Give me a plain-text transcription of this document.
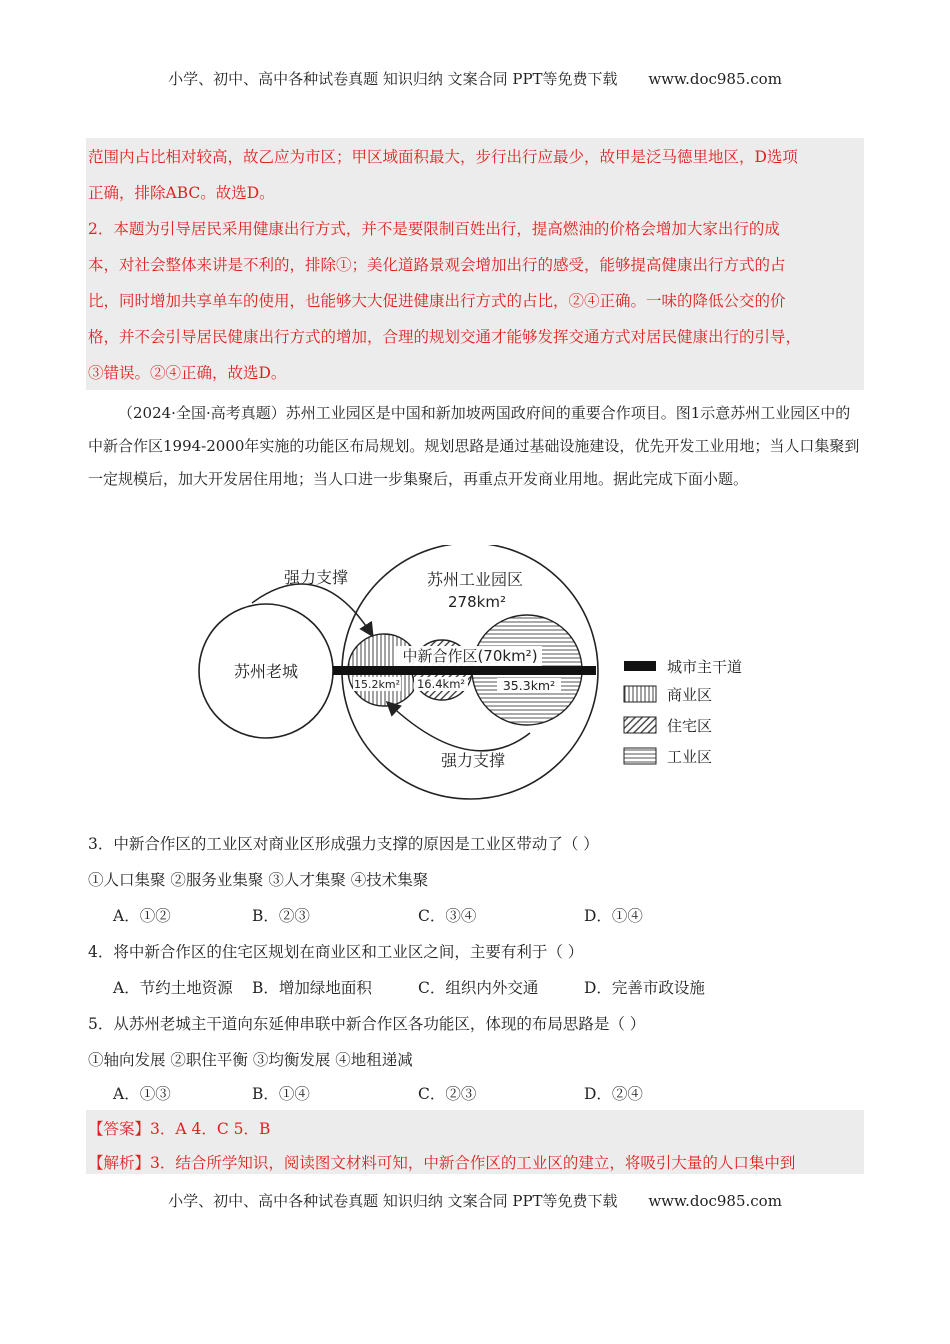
小学、初中、高中各种试卷真题 知识归纳 文案合同 PPT等免费下载 www.doc985.com
范围内占比相对较高，故乙应为市区；甲区域面积最大，步行出行应最少，故甲是泛马德里地区，D选项
正确，排除ABC。故选D。
2．本题为引导居民采用健康出行方式，并不是要限制百姓出行，提高燃油的价格会增加大家出行的成
本，对社会整体来讲是不利的，排除①；美化道路景观会增加出行的感受，能够提高健康出行方式的占
比，同时增加共享单车的使用，也能够大大促进健康出行方式的占比，②④正确。一味的降低公交的价
格，并不会引导居民健康出行方式的增加，合理的规划交通才能够发挥交通方式对居民健康出行的引导，
③错误。②④正确，故选D。
（2024·全国·高考真题）苏州工业园区是中国和新加坡两国政府间的重要合作项目。图1示意苏州工业园区中的中新合作区1994-2000年实施的功能区布局规划。规划思路是通过基础设施建设，优先开发工业用地；当人口集聚到一定规模后，加大开发居住用地；当人口进一步集聚后，再重点开发商业用地。据此完成下面小题。
苏州老城
苏州工业园区
278km²
中新合作区(70km²)
15.2km² 16.4km²	35.3km²
强力支撑
强力支撑
城市主干道
商业区
住宅区
工业区
3．中新合作区的工业区对商业区形成强力支撑的原因是工业区带动了（ ）
①人口集聚 ②服务业集聚 ③人才集聚 ④技术集聚
A．①②	B．②③	C．③④	D．①④
4．将中新合作区的住宅区规划在商业区和工业区之间，主要有利于（ ）
A．节约土地资源 B．增加绿地面积	C．组织内外交通	D．完善市政设施
5．从苏州老城主干道向东延伸串联中新合作区各功能区，体现的布局思路是（ ）
①轴向发展 ②职住平衡 ③均衡发展 ④地租递减
A．①③	B．①④	C．②③	D．②④
【答案】3．A 4．C 5．B
【解析】3．结合所学知识，阅读图文材料可知，中新合作区的工业区的建立，将吸引大量的人口集中到
小学、初中、高中各种试卷真题 知识归纳 文案合同 PPT等免费下载 www.doc985.com
